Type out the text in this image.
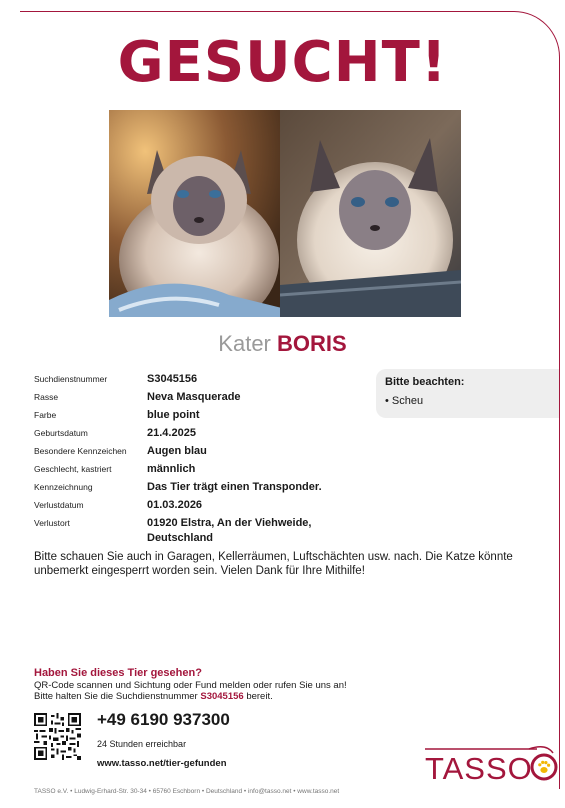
GESUCHT!
Kater BORIS
Suchdienstnummer	S3045156
Rasse	Neva Masquerade
Farbe	blue point
Geburtsdatum	21.4.2025
Besondere Kennzeichen	Augen blau
Geschlecht, kastriert	männlich
Kennzeichnung	Das Tier trägt einen Transponder.
Verlustdatum	01.03.2026
Verlustort	01920 Elstra, An der Viehweide,
Deutschland
Bitte beachten:
• Scheu
Bitte schauen Sie auch in Garagen, Kellerräumen, Luftschächten usw. nach. Die Katze könnte
unbemerkt eingesperrt worden sein. Vielen Dank für Ihre Mithilfe!
Haben Sie dieses Tier gesehen?
QR-Code scannen und Sichtung oder Fund melden oder rufen Sie uns an!
Bitte halten Sie die Suchdienstnummer S3045156 bereit.
+49 6190 937300
24 Stunden erreichbar
www.tasso.net/tier-gefunden	TASSO
TASSO e.V. • Ludwig-Erhard-Str. 30-34 • 65760 Eschborn • Deutschland • info@tasso.net • www.tasso.net
